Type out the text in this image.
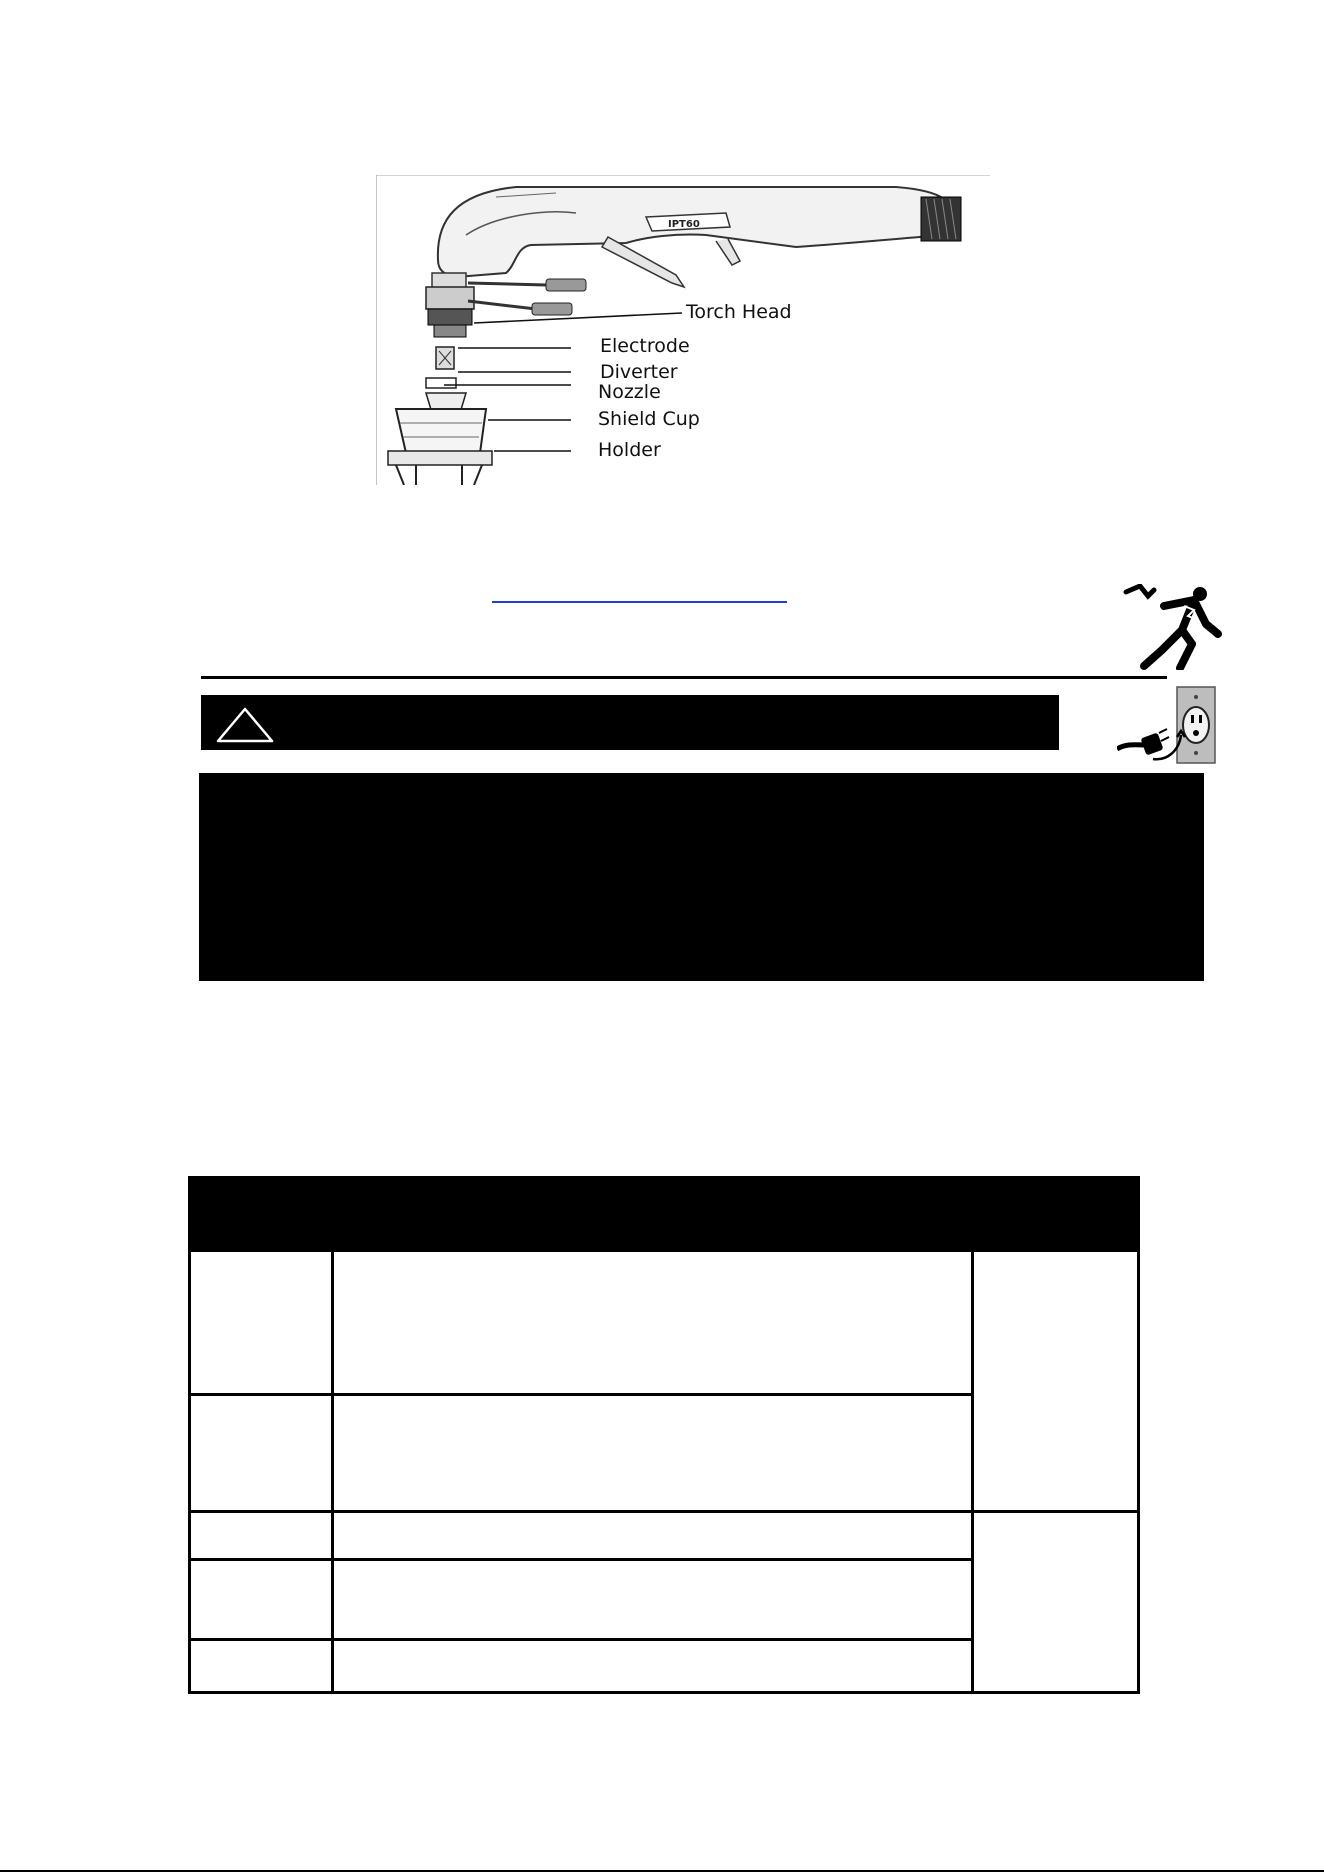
IPT60
Torch Head
Electrode
Diverter
Nozzle
Shield Cup
Holder
